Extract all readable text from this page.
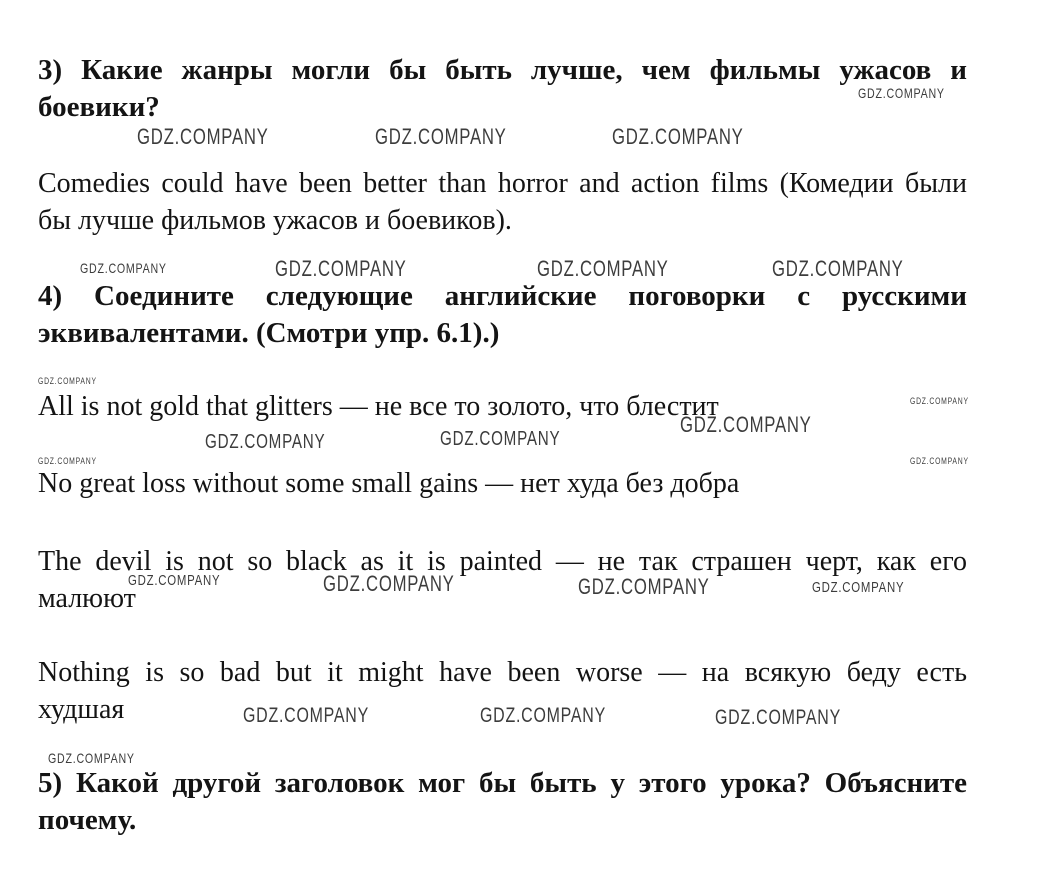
GDZ.COMPANY
GDZ.COMPANY	GDZ.COMPANY	GDZ.COMPANY
GDZ.COMPANY	GDZ.COMPANY	GDZ.COMPANY	GDZ.COMPANY
GDZ.COMPANY
GDZ.COMPANY
GDZ.COMPANY
GDZ.COMPANY	GDZ.COMPANY
GDZ.COMPANY	GDZ.COMPANY
GDZ.COMPANY	GDZ.COMPANY	GDZ.COMPANY	GDZ.COMPANY
GDZ.COMPANY	GDZ.COMPANY	GDZ.COMPANY
GDZ.COMPANY
3) Какие жанры могли бы быть лучше, чем фильмы ужасов и
боевики?
Comedies could have been better than horror and action films (Комедии были
бы лучше фильмов ужасов и боевиков).
4) Соедините следующие английские поговорки с русскими
эквивалентами. (Смотри упр. 6.1).)
All is not gold that glitters — не все то золото, что блестит
No great loss without some small gains — нет худа без добра
The devil is not so black as it is painted — не так страшен черт, как его
малюют
Nothing is so bad but it might have been worse — на всякую беду есть
худшая
5) Какой другой заголовок мог бы быть у этого урока? Объясните
почему.
